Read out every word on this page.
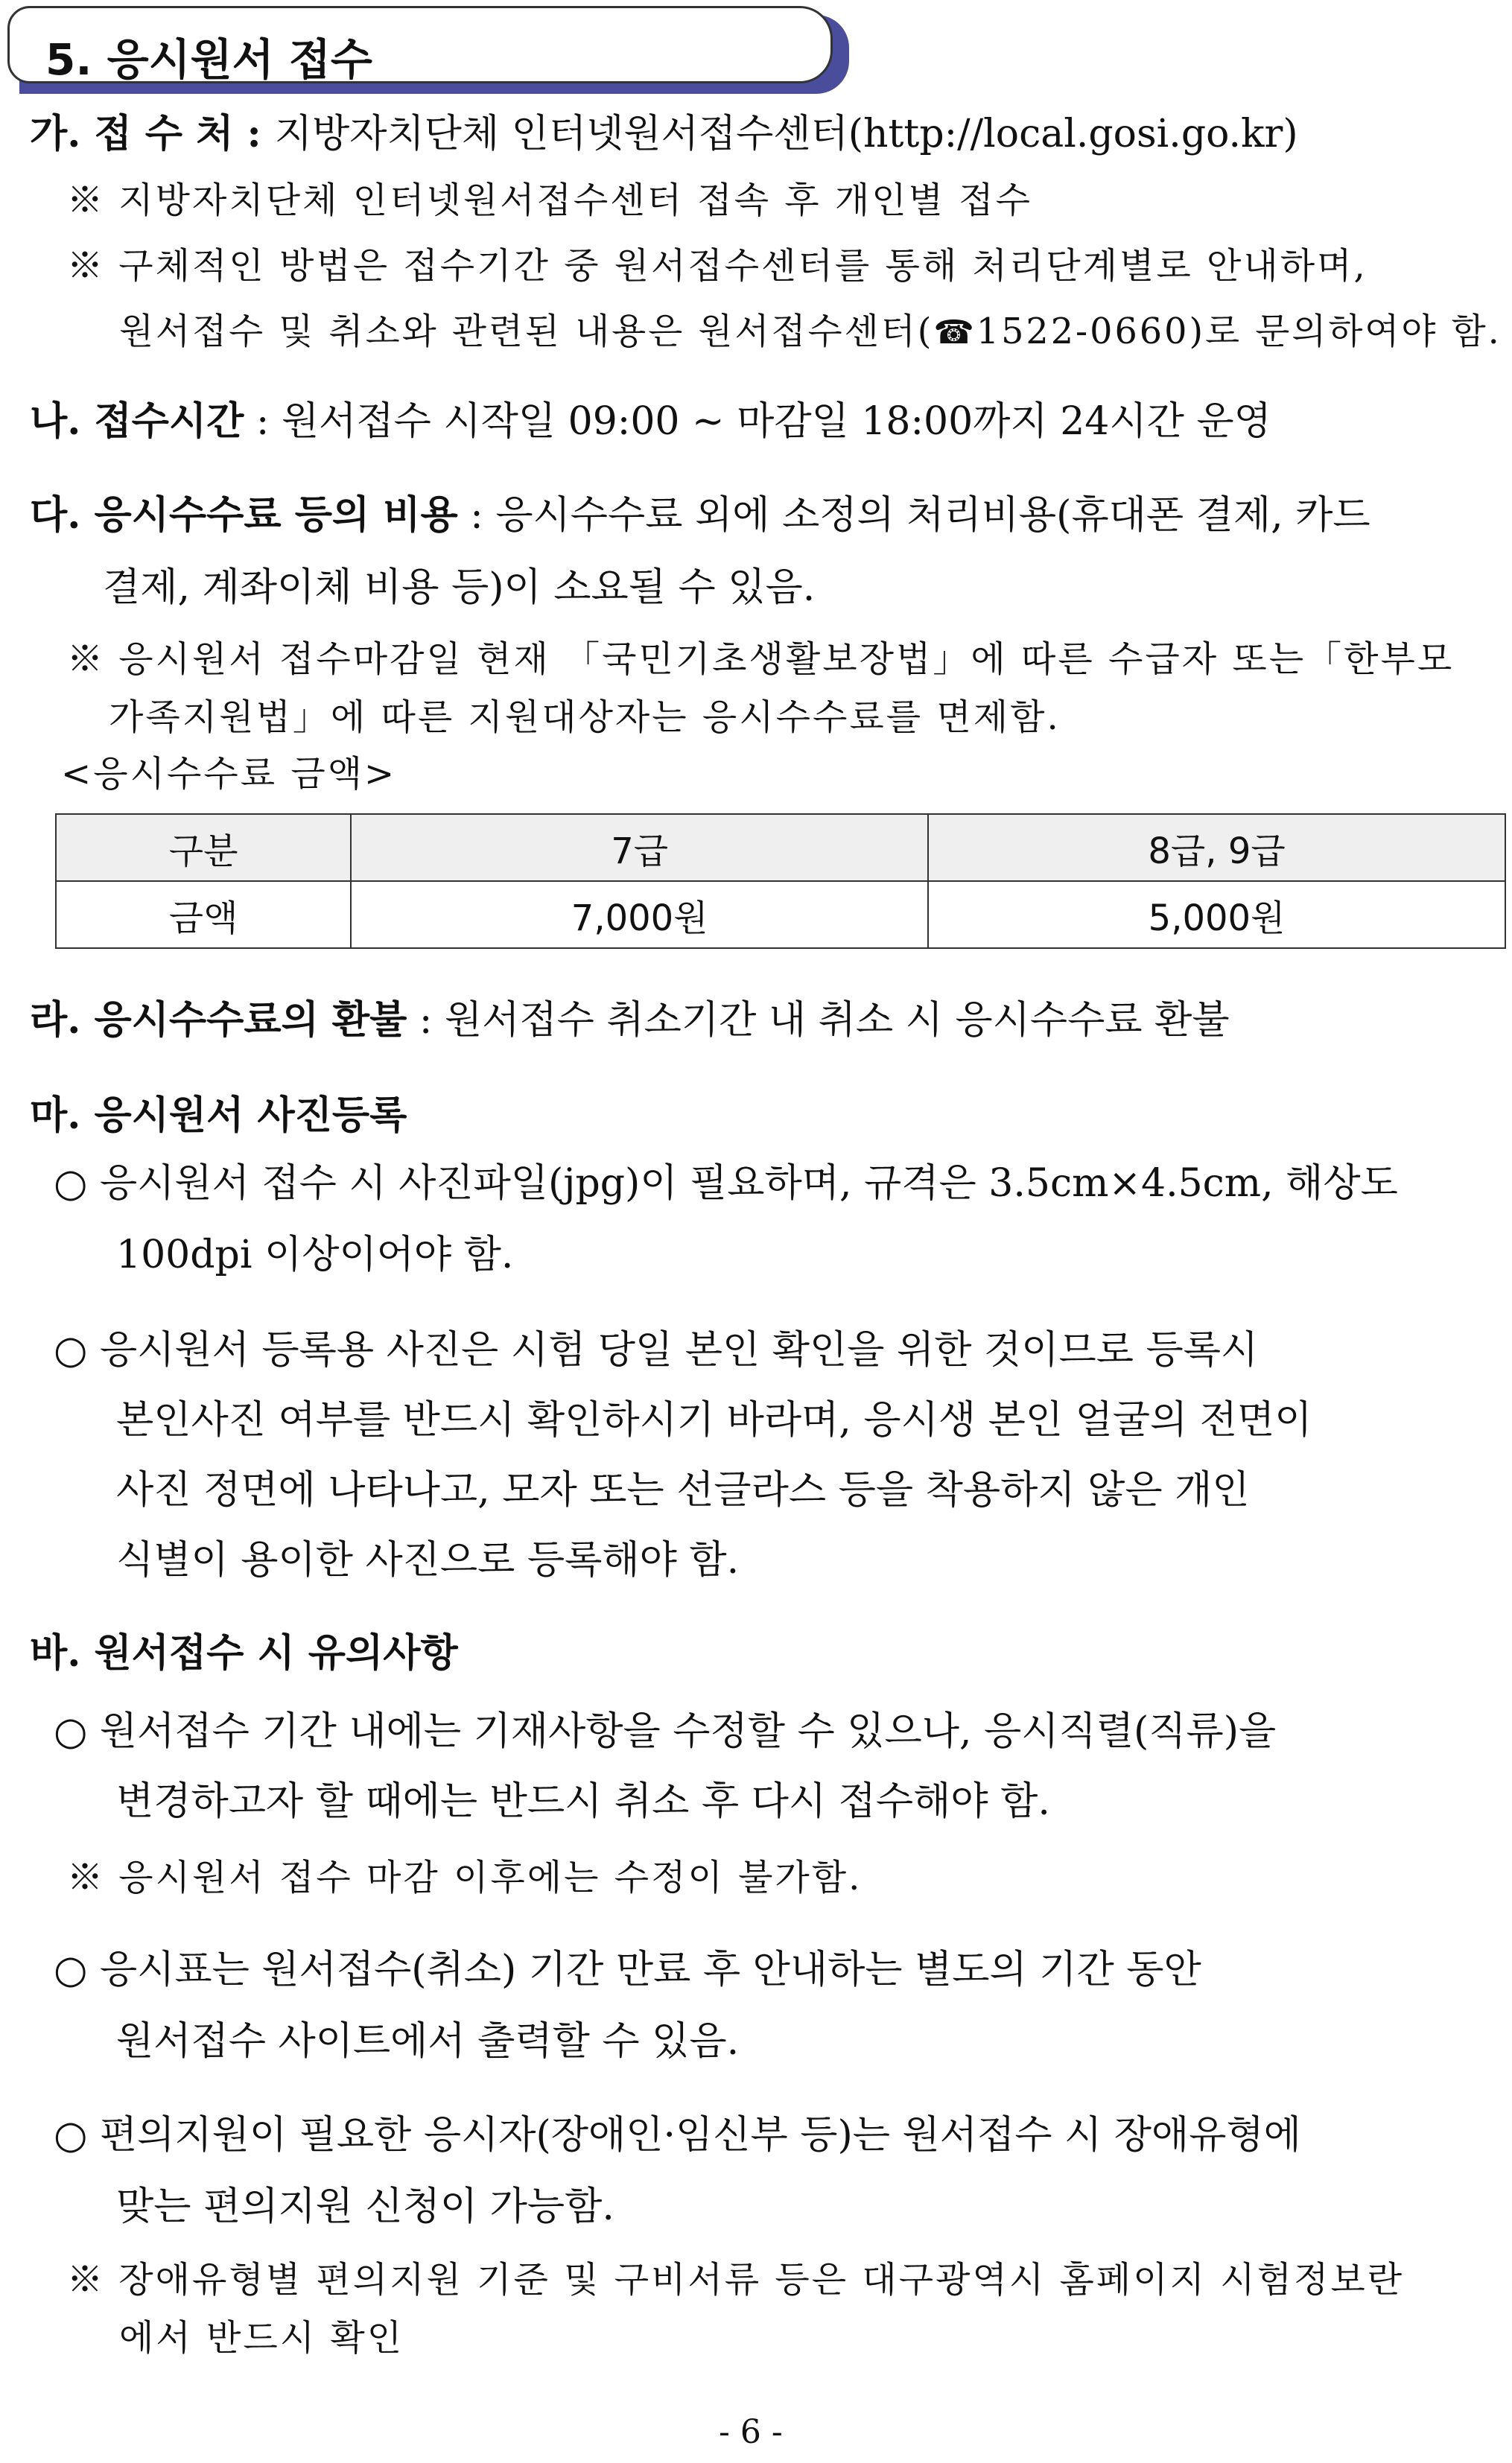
5. 응시원서 접수
가. 접 수 처 : 지방자치단체 인터넷원서접수센터(http://local.gosi.go.kr)
※ 지방자치단체 인터넷원서접수센터 접속 후 개인별 접수
※ 구체적인 방법은 접수기간 중 원서접수센터를 통해 처리단계별로 안내하며,
원서접수 및 취소와 관련된 내용은 원서접수센터(☎1522-0660)로 문의하여야 함.
나. 접수시간 : 원서접수 시작일 09:00 ~ 마감일 18:00까지 24시간 운영
다. 응시수수료 등의 비용 : 응시수수료 외에 소정의 처리비용(휴대폰 결제, 카드
결제, 계좌이체 비용 등)이 소요될 수 있음.
※ 응시원서 접수마감일 현재 「국민기초생활보장법」에 따른 수급자 또는「한부모
가족지원법」에 따른 지원대상자는 응시수수료를 면제함.
<응시수수료 금액>
구분	7급	8급, 9급
금액	7,000원	5,000원
라. 응시수수료의 환불 : 원서접수 취소기간 내 취소 시 응시수수료 환불
마. 응시원서 사진등록
○ 응시원서 접수 시 사진파일(jpg)이 필요하며, 규격은 3.5cm×4.5cm, 해상도
100dpi 이상이어야 함.
○ 응시원서 등록용 사진은 시험 당일 본인 확인을 위한 것이므로 등록시
본인사진 여부를 반드시 확인하시기 바라며, 응시생 본인 얼굴의 전면이
사진 정면에 나타나고, 모자 또는 선글라스 등을 착용하지 않은 개인
식별이 용이한 사진으로 등록해야 함.
바. 원서접수 시 유의사항
○ 원서접수 기간 내에는 기재사항을 수정할 수 있으나, 응시직렬(직류)을
변경하고자 할 때에는 반드시 취소 후 다시 접수해야 함.
※ 응시원서 접수 마감 이후에는 수정이 불가함.
○ 응시표는 원서접수(취소) 기간 만료 후 안내하는 별도의 기간 동안
원서접수 사이트에서 출력할 수 있음.
○ 편의지원이 필요한 응시자(장애인·임신부 등)는 원서접수 시 장애유형에
맞는 편의지원 신청이 가능함.
※ 장애유형별 편의지원 기준 및 구비서류 등은 대구광역시 홈페이지 시험정보란
에서 반드시 확인
- 6 -
